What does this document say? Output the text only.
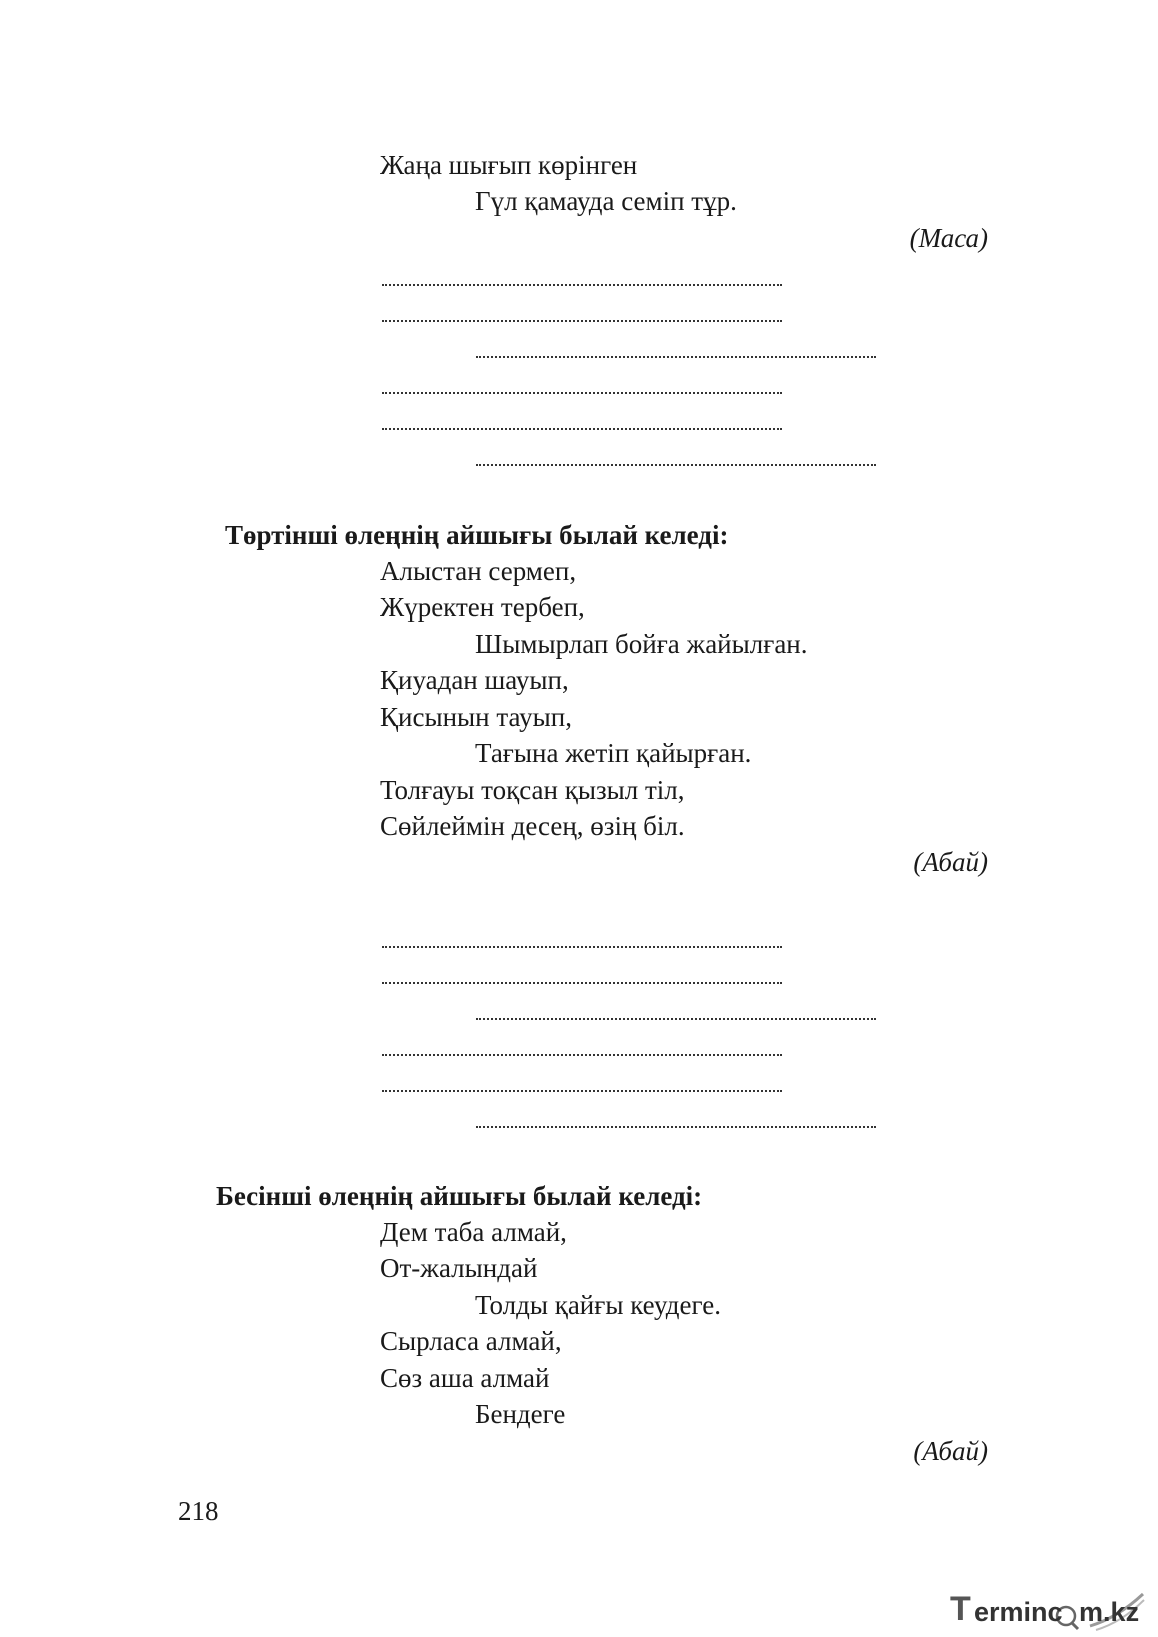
Жаңа шығып көрінген
Гүл қамауда семіп тұр.
(Маса)
Төртінші өлеңнің айшығы былай келеді:
Алыстан сермеп,
Жүректен тербеп,
Шымырлап бойға жайылған.
Қиуадан шауып,
Қисынын тауып,
Тағына жетіп қайырған.
Толғауы тоқсан қызыл тіл,
Сөйлеймін десең, өзің біл.
(Абай)
Бесінші өлеңнің айшығы былай келеді:
Дем таба алмай,
От-жалындай
Толды қайғы кеудеге.
Сырласа алмай,
Сөз аша алмай
Бендеге
(Абай)
218
T erminc m.kz
